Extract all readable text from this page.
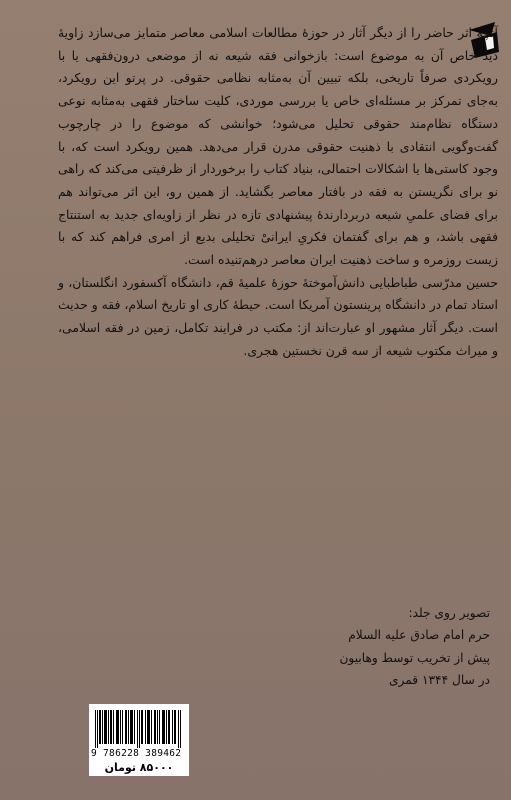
آنچه اثر حاضر را از دیگر آثار در حوزهٔ مطالعات اسلامی معاصر متمایز می‌سازد زاویهٔ دید خاص آن به موضوع است: بازخوانی فقه شیعه نه از موضعی درون‌فقهی یا با رویکردی صرفاً تاریخی، بلکه تبیین آن به‌مثابه نظامی حقوقی. در پرتو این رویکرد، به‌جای تمرکز بر مسئله‌ای خاص یا بررسی موردی، کلیت ساختار فقهی به‌مثابه نوعی دستگاه نظام‌مند حقوقی تحلیل می‌شود؛ خوانشی که موضوع را در چارچوب گفت‌وگویی انتقادی با ذهنیت حقوقی مدرن قرار می‌دهد. همین رویکرد است که، با وجود کاستی‌ها یا اشکالات احتمالی، بنیاد کتاب را برخوردار از ظرفیتی می‌کند که راهی نو برای نگریستن به فقه در بافتار معاصر بگشاید. از همین رو، این اثر می‌تواند هم برای فضای علمیِ شیعه دربردارندهٔ پیشنهادی تازه در نظر از زاویه‌ای جدید به استنتاج فقهی باشد، و هم برای گفتمان فکریِ ایرانیْ تحلیلی بدیع از امری فراهم کند که با زیست روزمره و ساخت ذهنیت ایران معاصر درهم‌تنیده است.

حسین مدرّسی طباطبایی دانش‌آموختهٔ حوزهٔ علمیهٔ قم، دانشگاه آکسفورد انگلستان، و استاد تمام در دانشگاه پرینستون آمریکا است. حیطهٔ کاری او تاریخ اسلام، فقه و حدیث است. دیگر آثار مشهور او عبارت‌اند از: مکتب در فرایند تکامل، زمین در فقه اسلامی، و میراث مکتوب شیعه از سه قرن نخستین هجری.

تصویر روی جلد:
حرم امام صادق علیه السلام
پیش از تخریب توسط وهابیون
در سال ۱۳۴۴ قمری
9 786228 389462
۸۵۰۰۰ تومان
